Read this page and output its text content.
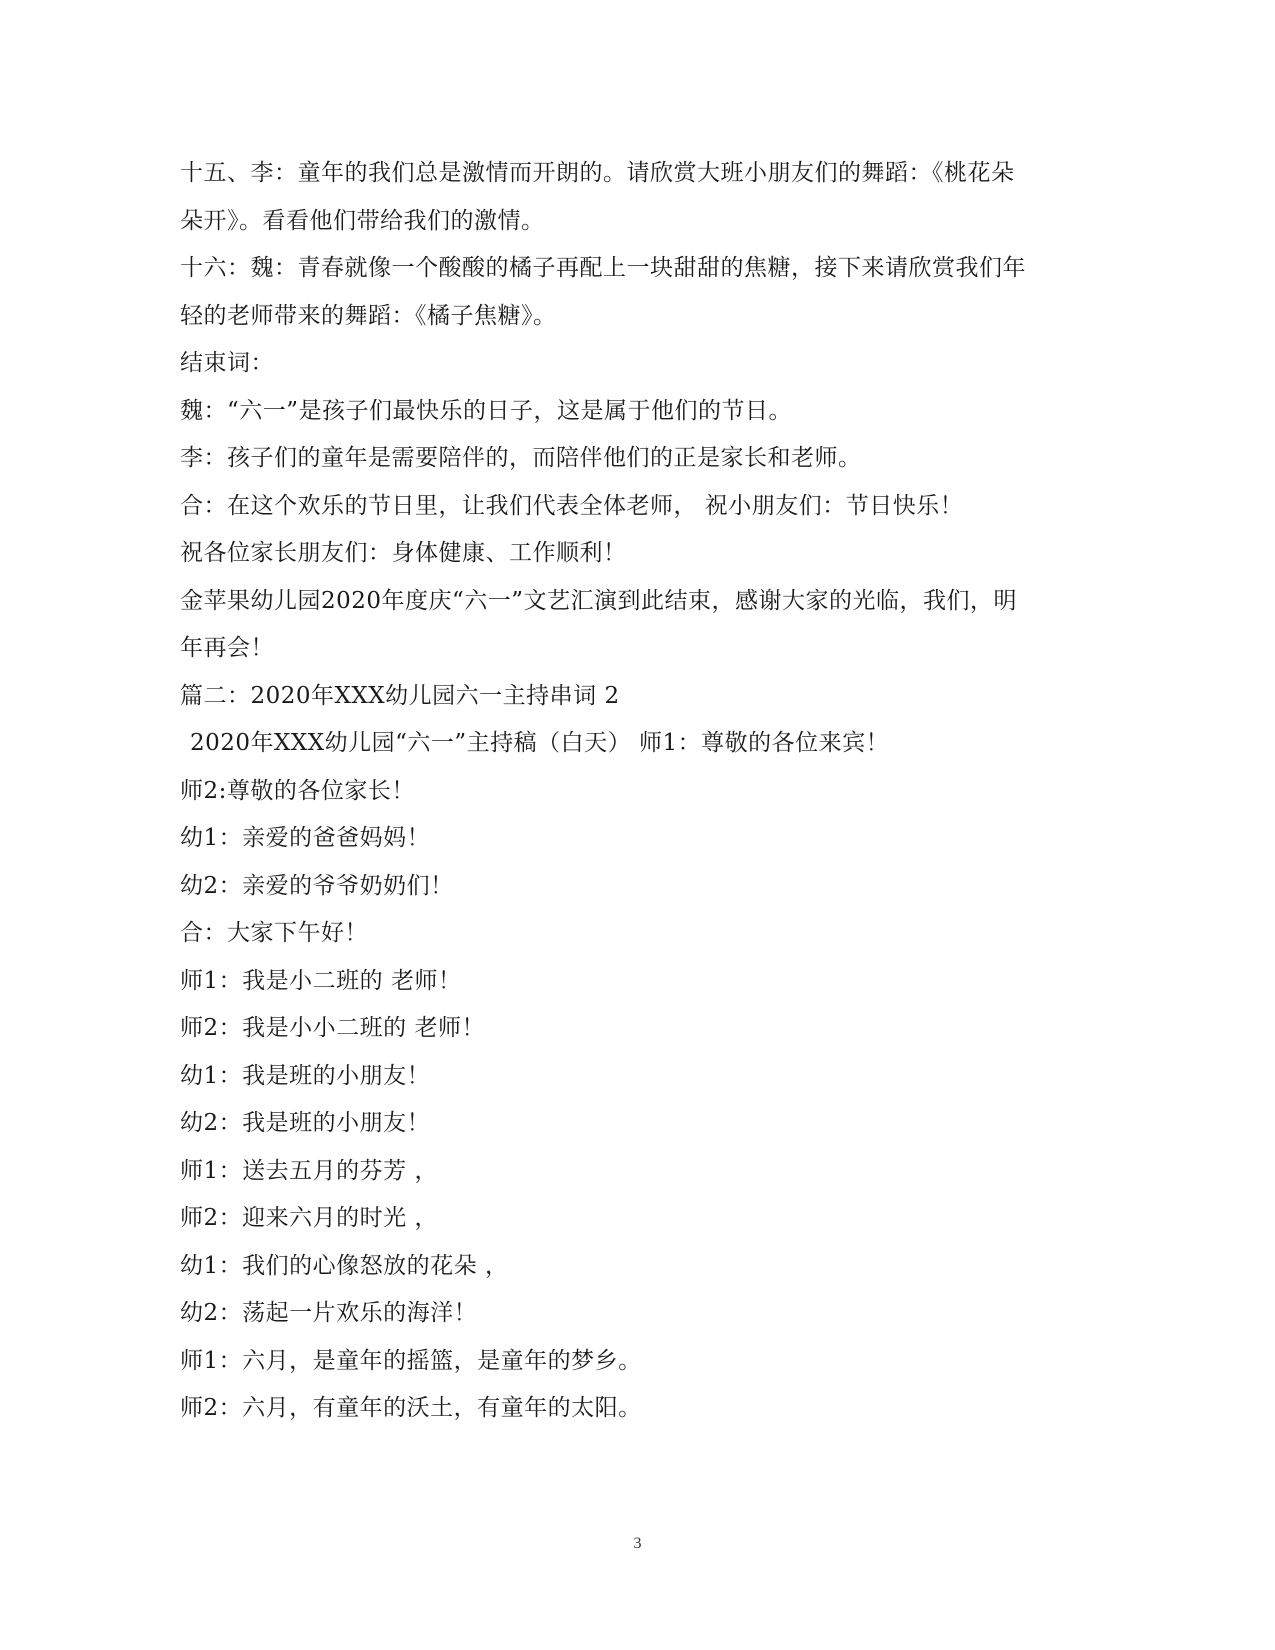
十五、李：童年的我们总是激情而开朗的。请欣赏大班小朋友们的舞蹈：《桃花朵
朵开》。看看他们带给我们的激情。
十六：魏：青春就像一个酸酸的橘子再配上一块甜甜的焦糖，接下来请欣赏我们年
轻的老师带来的舞蹈：《橘子焦糖》。
结束词：
魏：“六一”是孩子们最快乐的日子，这是属于他们的节日。
李：孩子们的童年是需要陪伴的，而陪伴他们的正是家长和老师。
合：在这个欢乐的节日里，让我们代表全体老师， 祝小朋友们：节日快乐！
祝各位家长朋友们：身体健康、工作顺利！
金苹果幼儿园2020年度庆“六一”文艺汇演到此结束，感谢大家的光临，我们，明
年再会！
篇二：2020年XXX幼儿园六一主持串词 2
2020年XXX幼儿园“六一”主持稿（白天） 师1：尊敬的各位来宾！
师2:尊敬的各位家长！
幼1：亲爱的爸爸妈妈！
幼2：亲爱的爷爷奶奶们！
合：大家下午好！
师1：我是小二班的 老师！
师2：我是小小二班的 老师！
幼1：我是班的小朋友！
幼2：我是班的小朋友！
师1：送去五月的芬芳 ，
师2：迎来六月的时光 ，
幼1：我们的心像怒放的花朵 ，
幼2：荡起一片欢乐的海洋！
师1：六月，是童年的摇篮，是童年的梦乡。
师2：六月，有童年的沃土，有童年的太阳。
3
